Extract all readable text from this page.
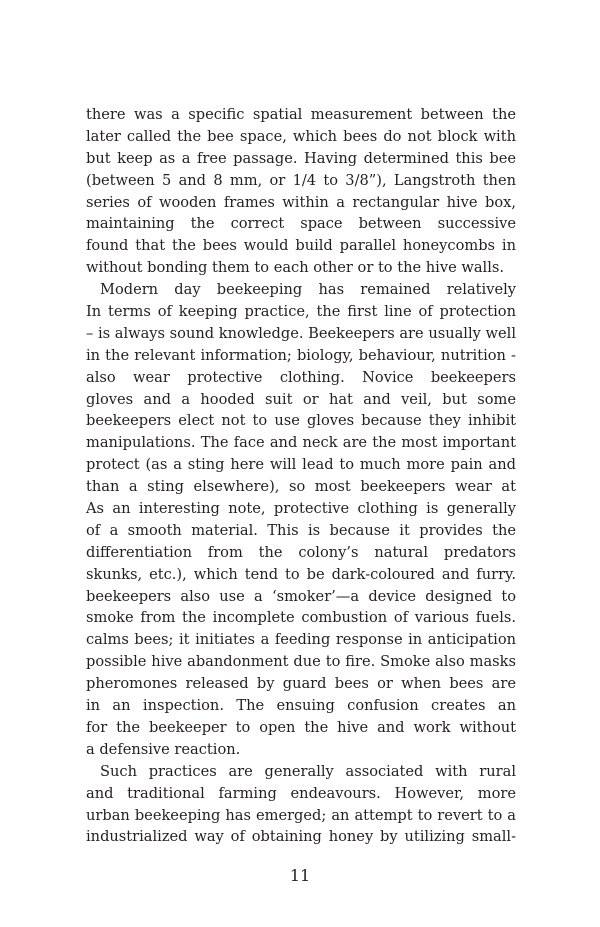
there was a specific spatial measurement between the
later called the bee space, which bees do not block with
but keep as a free passage. Having determined this bee
(between 5 and 8 mm, or 1/4 to 3/8”), Langstroth then
series of wooden frames within a rectangular hive box,
maintaining the correct space between successive
found that the bees would build parallel honeycombs in
without bonding them to each other or to the hive walls.
Modern day beekeeping has remained relatively
In terms of keeping practice, the first line of protection
– is always sound knowledge. Beekeepers are usually well
in the relevant information; biology, behaviour, nutrition -
also wear protective clothing. Novice beekeepers
gloves and a hooded suit or hat and veil, but some
beekeepers elect not to use gloves because they inhibit
manipulations. The face and neck are the most important
protect (as a sting here will lead to much more pain and
than a sting elsewhere), so most beekeepers wear at
As an interesting note, protective clothing is generally
of a smooth material. This is because it provides the
differentiation from the colony’s natural predators
skunks, etc.), which tend to be dark-coloured and furry.
beekeepers also use a ‘smoker’—a device designed to
smoke from the incomplete combustion of various fuels.
calms bees; it initiates a feeding response in anticipation
possible hive abandonment due to fire. Smoke also masks
pheromones released by guard bees or when bees are
in an inspection. The ensuing confusion creates an
for the beekeeper to open the hive and work without
a defensive reaction.
Such practices are generally associated with rural
and traditional farming endeavours. However, more
urban beekeeping has emerged; an attempt to revert to a
industrialized way of obtaining honey by utilizing small-
11
